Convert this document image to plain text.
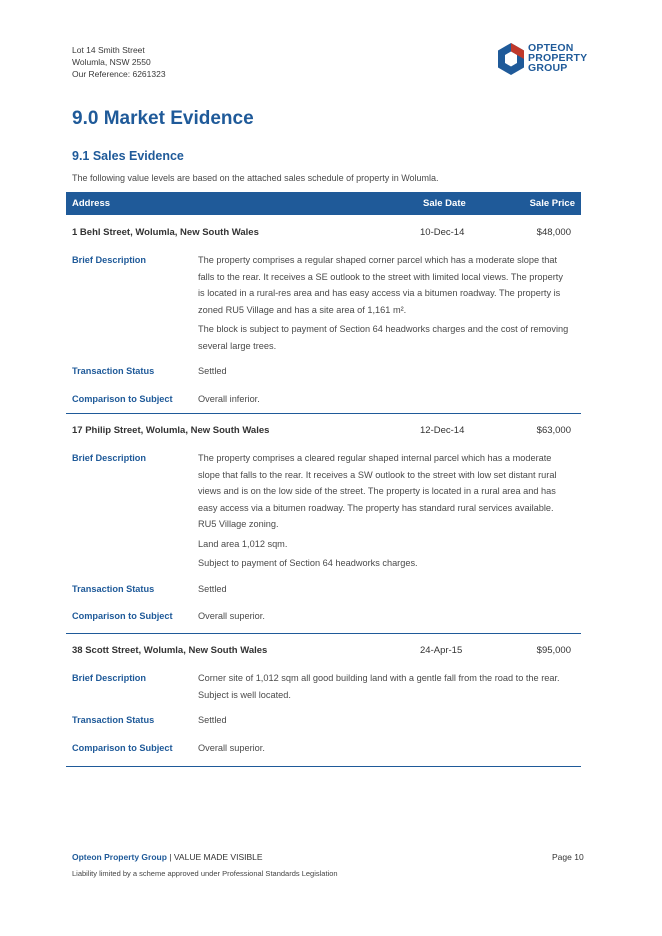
Lot 14 Smith Street
Wolumla, NSW 2550
Our Reference: 6261323
OPTEON
PROPERTY
GROUP
9.0 Market Evidence
9.1 Sales Evidence
The following value levels are based on the attached sales schedule of property in Wolumla.
Address	Sale Date	Sale Price
1 Behl Street, Wolumla, New South Wales	10-Dec-14	$48,000
Brief Description	The property comprises a regular shaped corner parcel which has a moderate slope that falls to the rear. It receives a SE outlook to the street with limited local views. The property is located in a rural-res area and has easy access via a bitumen roadway. The property is zoned RU5 Village and has a site area of 1,161 m².

The block is subject to payment of Section 64 headworks charges and the cost of removing several large trees.

Transaction Status	Settled
Comparison to Subject	Overall inferior.
17 Philip Street, Wolumla, New South Wales	12-Dec-14	$63,000
Brief Description	The property comprises a cleared regular shaped internal parcel which has a moderate slope that falls to the rear. It receives a SW outlook to the street with low set distant rural views and is on the low side of the street. The property is located in a rural area and has easy access via a bitumen roadway. The property has standard rural services available. RU5 Village zoning.

Land area 1,012 sqm.

Subject to payment of Section 64 headworks charges.

Transaction Status	Settled
Comparison to Subject	Overall superior.
38 Scott Street, Wolumla, New South Wales	24-Apr-15	$95,000
Brief Description	Corner site of 1,012 sqm all good building land with a gentle fall from the road to the rear. Subject is well located.

Transaction Status	Settled
Comparison to Subject	Overall superior.
Opteon Property Group | VALUE MADE VISIBLE	Page 10
Liability limited by a scheme approved under Professional Standards Legislation
